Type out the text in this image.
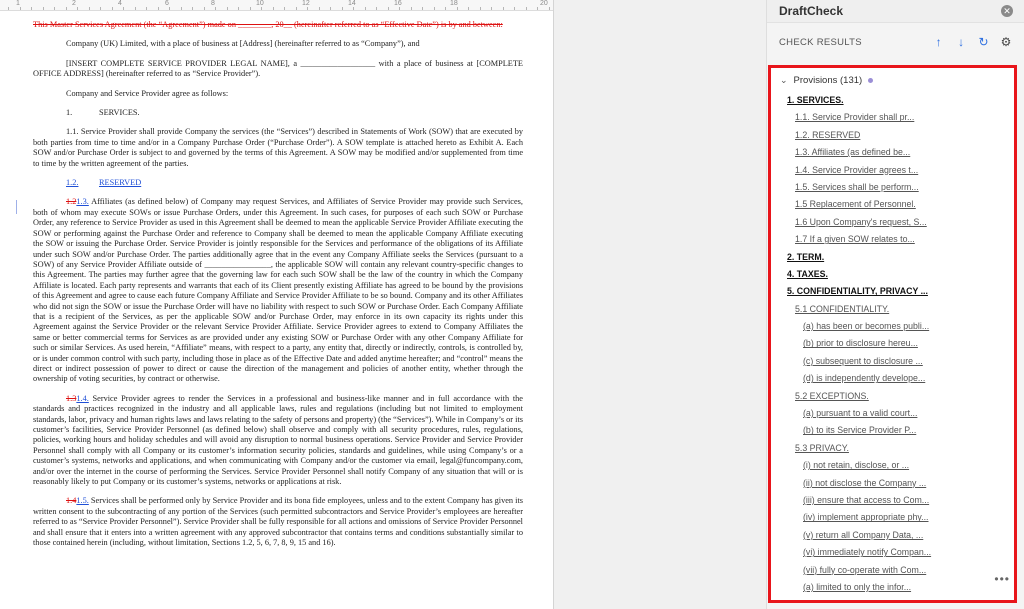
1	2	4	6	8	10	12	14	16	18	20

This Master Services Agreement (the “Agreement”) made on ________, 20__ (hereinafter referred to as “Effective Date”) is by and between:

Company (UK) Limited, with a place of business at [Address] (hereinafter referred to as “Company”), and

[INSERT COMPLETE SERVICE PROVIDER LEGAL NAME], a __________________ with a place of business at [COMPLETE OFFICE ADDRESS] (hereinafter referred to as “Service Provider”).

Company and Service Provider agree as follows:

1.	SERVICES.

1.1. Service Provider shall provide Company the services (the “Services”) described in Statements of Work (SOW) that are executed by both parties from time to time and/or in a Company Purchase Order (“Purchase Order”). A SOW template is attached hereto as Exhibit A. Each SOW and/or Purchase Order is subject to and governed by the terms of this Agreement. A SOW may be modified and/or supplemented from time to time by the written agreement of the parties.

1.2. RESERVED

1.21.3. Affiliates (as defined below) of Company may request Services, and Affiliates of Service Provider may provide such Services, both of whom may execute SOWs or issue Purchase Orders, under this Agreement. In such cases, for purposes of each such SOW or Purchase Order, any reference to Service Provider as used in this Agreement shall be deemed to mean the applicable Service Provider Affiliate executing the SOW or performing against the Purchase Order and reference to Company shall be deemed to mean the applicable Company Affiliate executing the SOW or issuing the Purchase Order. Service Provider is jointly responsible for the Services and performance of the obligations of its Affiliate under such SOW and/or Purchase Order. The parties additionally agree that in the event any Company Affiliate seeks the Services (pursuant to a SOW) of any Service Provider Affiliate outside of ________________, the applicable SOW will contain any relevant country-specific changes to this Agreement. The parties may further agree that the governing law for each such SOW shall be the law of the country in which the Company Affiliate is located. Each party represents and warrants that each of its Client presently existing Affiliate has agreed to be bound by the provisions of this Agreement and agree to cause each future Company Affiliate and Service Provider Affiliate to be so bound. Company and its other Affiliates who did not sign the SOW or issue the Purchase Order will have no liability with respect to such SOW or Purchase Order. Each Company Affiliate that is a recipient of the Services, as per the applicable SOW and/or Purchase Order, may enforce in its own capacity its rights under this Agreement against the Service Provider or the relevant Service Provider Affiliate. Service Provider agrees to extend to Company Affiliates the same or better commercial terms for Services as are provided under any existing SOW or Purchase Order with any other Company Affiliate for such or similar Services. As used herein, “Affiliate” means, with respect to a party, any entity that, directly or indirectly, controls, is controlled by, or is under common control with such party, including those in place as of the Effective Date and added anytime hereafter; and “control” means the direct or indirect possession of power to direct or cause the direction of the management and policies of another entity, whether through the ownership of voting securities, by contract or otherwise.

1.31.4. Service Provider agrees to render the Services in a professional and business-like manner and in full accordance with the standards and practices recognized in the industry and all applicable laws, rules and regulations (including but not limited to employment standards, labor, privacy and human rights laws and laws relating to the safety of persons and property) (the “Services”). While in Company’s or its customer’s facilities, Service Provider Personnel (as defined below) shall observe and comply with all security procedures, rules, regulations, policies, working hours and holiday schedules and will avoid any disruption to normal business operations. Service Provider and Service Provider Personnel shall comply with all Company or its customer’s information security policies, standards and guidelines, while using Company’s or a customer’s systems, networks and applications, and when communicating with Company and/or the customer via email, legal@funcompany.com, and/or over the internet in the course of performing the Services. Service Provider Personnel shall notify Company of any situation that will or is reasonably likely to put Company or its customer’s systems, networks or applications at risk.

1.41.5. Services shall be performed only by Service Provider and its bona fide employees, unless and to the extent Company has given its written consent to the subcontracting of any portion of the Services (such permitted subcontractors and Service Provider’s employees are hereafter referred to as “Service Provider Personnel”). Service Provider shall be fully responsible for all actions and omissions of Service Provider Personnel and shall ensure that it enters into a written agreement with any approved subcontractor that contains terms and conditions substantially similar to those contained herein (including, without limitation, Sections 1.2, 5, 6, 7, 8, 9, 15 and 16).

DraftCheck	✕
CHECK RESULTS	↑ ↓ ↻ ⚙
⌄ Provisions (131)
1. SERVICES.
1.1. Service Provider shall pr...
1.2. RESERVED
1.3. Affiliates (as defined be...
1.4. Service Provider agrees t...
1.5. Services shall be perform...
1.5 Replacement of Personnel.
1.6 Upon Company's request, S...
1.7 If a given SOW relates to...
2. TERM.
4. TAXES.
5. CONFIDENTIALITY, PRIVACY ...
5.1 CONFIDENTIALITY.
(a) has been or becomes publi...
(b) prior to disclosure hereu...
(c) subsequent to disclosure ...
(d) is independently develope...
5.2 EXCEPTIONS.
(a) pursuant to a valid court...
(b) to its Service Provider P...
5.3 PRIVACY.
(i) not retain, disclose, or ...
(ii) not disclose the Company ...
(iii) ensure that access to Com...
(iv) implement appropriate phy...
(v) return all Company Data, ...
(vi) immediately notify Compan...
(vii) fully co-operate with Com...
(a) limited to only the infor...
•••
